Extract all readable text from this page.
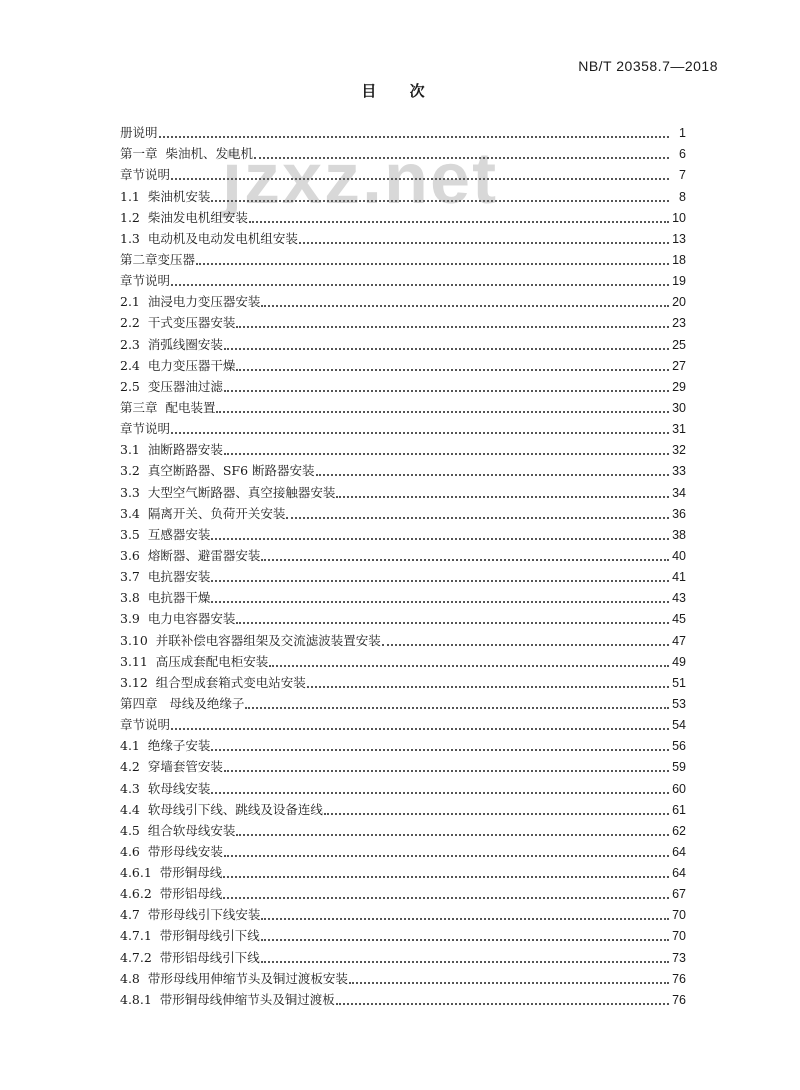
NB/T 20358.7—2018
目 次
jzxz.net
册说明	1
第一章  柴油机、发电机	6
章节说明	7
1.1  柴油机安装	8
1.2  柴油发电机组安装	10
1.3  电动机及电动发电机组安装	13
第二章变压器	18
章节说明	19
2.1  油浸电力变压器安装	20
2.2  干式变压器安装	23
2.3  消弧线圈安装	25
2.4  电力变压器干燥	27
2.5  变压器油过滤	29
第三章  配电装置	30
章节说明	31
3.1  油断路器安装	32
3.2  真空断路器、SF6 断路器安装	33
3.3  大型空气断路器、真空接触器安装	34
3.4  隔离开关、负荷开关安装	36
3.5  互感器安装	38
3.6  熔断器、避雷器安装	40
3.7  电抗器安装	41
3.8  电抗器干燥	43
3.9  电力电容器安装	45
3.10  并联补偿电容器组架及交流滤波装置安装	47
3.11  高压成套配电柜安装	49
3.12  组合型成套箱式变电站安装	51
第四章   母线及绝缘子	53
章节说明	54
4.1  绝缘子安装	56
4.2  穿墙套管安装	59
4.3  软母线安装	60
4.4  软母线引下线、跳线及设备连线	61
4.5  组合软母线安装	62
4.6  带形母线安装	64
4.6.1  带形铜母线	64
4.6.2  带形铝母线	67
4.7  带形母线引下线安装	70
4.7.1  带形铜母线引下线	70
4.7.2  带形铝母线引下线	73
4.8  带形母线用伸缩节头及铜过渡板安装	76
4.8.1  带形铜母线伸缩节头及铜过渡板	76
